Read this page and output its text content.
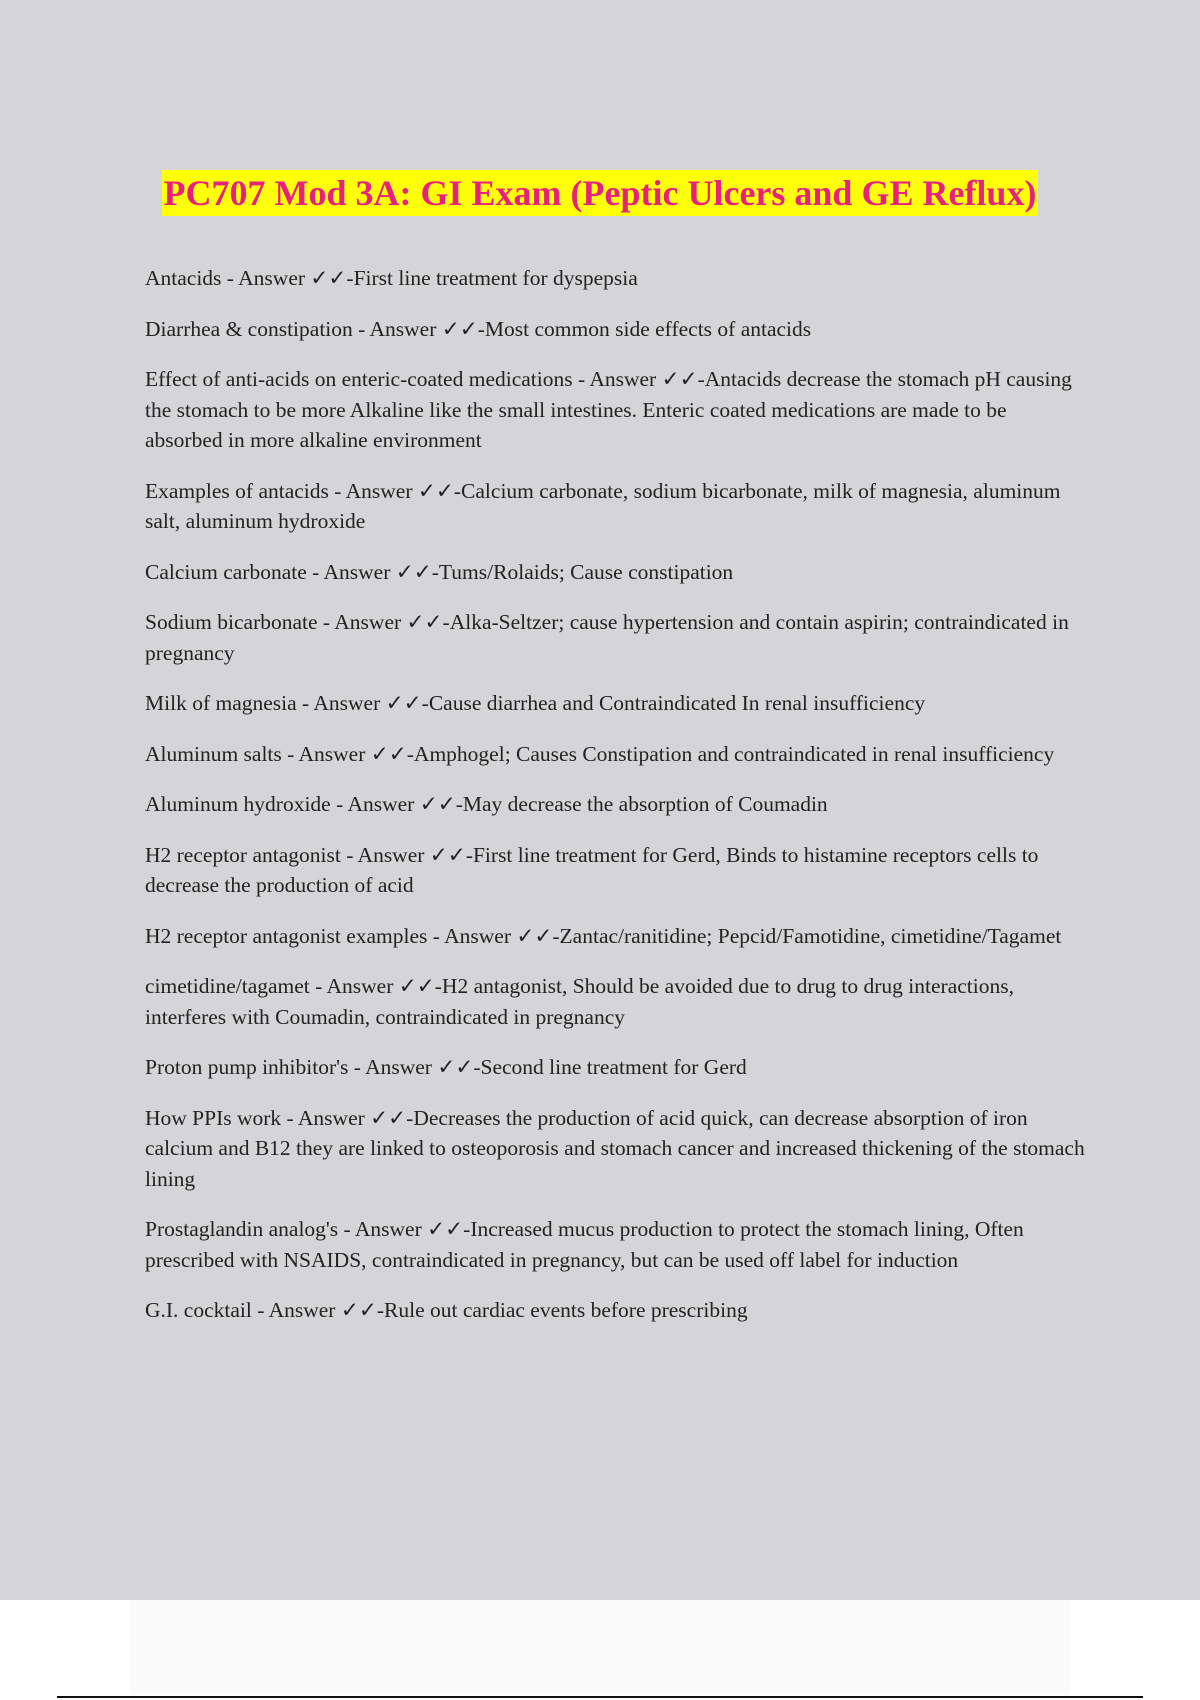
PC707 Mod 3A: GI Exam (Peptic Ulcers and GE Reflux)
Antacids - Answer ✓✓-First line treatment for dyspepsia
Diarrhea & constipation - Answer ✓✓-Most common side effects of antacids
Effect of anti-acids on enteric-coated medications - Answer ✓✓-Antacids decrease the stomach pH causing the stomach to be more Alkaline like the small intestines. Enteric coated medications are made to be absorbed in more alkaline environment
Examples of antacids - Answer ✓✓-Calcium carbonate, sodium bicarbonate, milk of magnesia, aluminum salt, aluminum hydroxide
Calcium carbonate - Answer ✓✓-Tums/Rolaids; Cause constipation
Sodium bicarbonate - Answer ✓✓-Alka-Seltzer; cause hypertension and contain aspirin; contraindicated in pregnancy
Milk of magnesia - Answer ✓✓-Cause diarrhea and Contraindicated In renal insufficiency
Aluminum salts - Answer ✓✓-Amphogel; Causes Constipation and contraindicated in renal insufficiency
Aluminum hydroxide - Answer ✓✓-May decrease the absorption of Coumadin
H2 receptor antagonist - Answer ✓✓-First line treatment for Gerd, Binds to histamine receptors cells to decrease the production of acid
H2 receptor antagonist examples - Answer ✓✓-Zantac/ranitidine; Pepcid/Famotidine, cimetidine/Tagamet
cimetidine/tagamet - Answer ✓✓-H2 antagonist, Should be avoided due to drug to drug interactions, interferes with Coumadin, contraindicated in pregnancy
Proton pump inhibitor's - Answer ✓✓-Second line treatment for Gerd
How PPIs work - Answer ✓✓-Decreases the production of acid quick, can decrease absorption of iron calcium and B12 they are linked to osteoporosis and stomach cancer and increased thickening of the stomach lining
Prostaglandin analog's - Answer ✓✓-Increased mucus production to protect the stomach lining, Often prescribed with NSAIDS, contraindicated in pregnancy, but can be used off label for induction
G.I. cocktail - Answer ✓✓-Rule out cardiac events before prescribing
